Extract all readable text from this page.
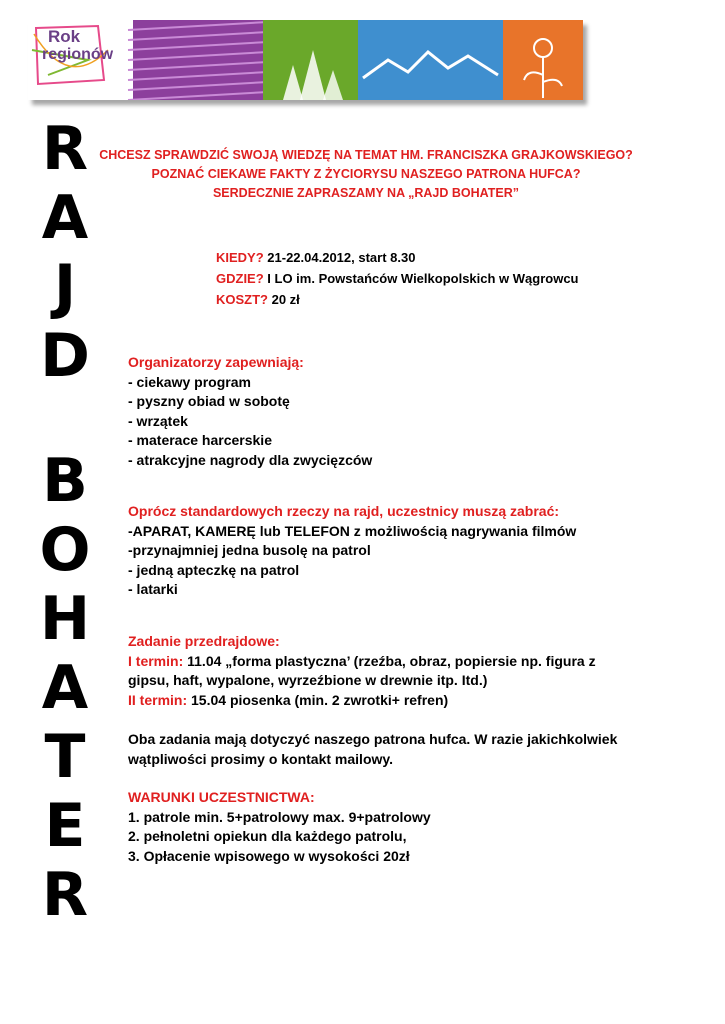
Rok
regionów
R
A
J
D
B
O
H
A
T
E
R
CHCESZ SPRAWDZIĆ SWOJĄ WIEDZĘ NA TEMAT HM. FRANCISZKA GRAJKOWSKIEGO?
POZNAĆ CIEKAWE FAKTY Z ŻYCIORYSU NASZEGO PATRONA HUFCA?
SERDECZNIE ZAPRASZAMY NA „RAJD BOHATER”
KIEDY? 21-22.04.2012, start 8.30
GDZIE? I LO im. Powstańców Wielkopolskich w Wągrowcu
KOSZT? 20 zł
Organizatorzy zapewniają:
- ciekawy program
- pyszny obiad w sobotę
- wrzątek
- materace harcerskie
- atrakcyjne nagrody dla zwycięzców
Oprócz standardowych rzeczy na rajd, uczestnicy muszą zabrać:
-APARAT, KAMERĘ lub TELEFON z możliwością nagrywania filmów
-przynajmniej jedna busolę na patrol
- jedną apteczkę na patrol
- latarki
Zadanie przedrajdowe:
I termin: 11.04 „forma plastyczna’ (rzeźba, obraz, popiersie np. figura z
gipsu, haft, wypalone, wyrzeźbione w drewnie itp. Itd.)
II termin: 15.04 piosenka (min. 2 zwrotki+ refren)
Oba zadania mają dotyczyć naszego patrona hufca. W razie jakichkolwiek
wątpliwości prosimy o kontakt mailowy.
WARUNKI UCZESTNICTWA:
1. patrole min. 5+patrolowy max. 9+patrolowy
2. pełnoletni opiekun dla każdego patrolu,
3. Opłacenie wpisowego w wysokości 20zł
